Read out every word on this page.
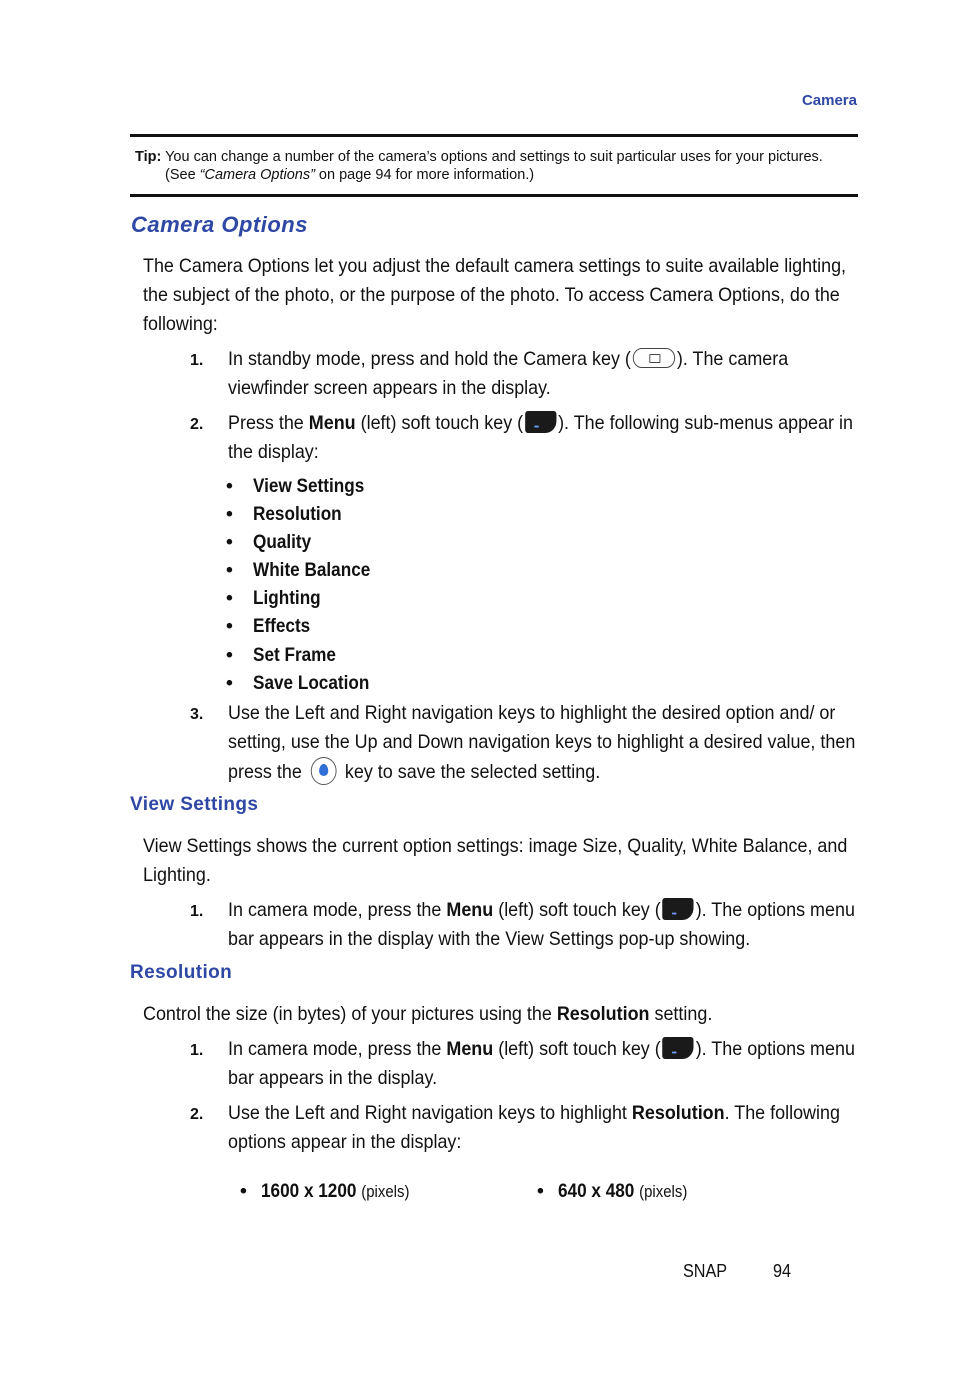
Camera
Tip: You can change a number of the camera’s options and settings to suit particular uses for your pictures.
(See “Camera Options” on page 94 for more information.)
Camera Options
The Camera Options let you adjust the default camera settings to suite available lighting, the subject of the photo, or the purpose of the photo. To access Camera Options, do the following:
1. In standby mode, press and hold the Camera key ( ). The camera viewfinder screen appears in the display.
2. Press the Menu (left) soft touch key ( ••• ). The following sub-menus appear in the display:
• View Settings
• Resolution
• Quality
• White Balance
• Lighting
• Effects
• Set Frame
• Save Location
3. Use the Left and Right navigation keys to highlight the desired option and/ or setting, use the Up and Down navigation keys to highlight a desired value, then press the  key to save the selected setting.
View Settings
View Settings shows the current option settings: image Size, Quality, White Balance, and Lighting.
1. In camera mode, press the Menu (left) soft touch key ( ••• ). The options menu bar appears in the display with the View Settings pop-up showing.
Resolution
Control the size (in bytes) of your pictures using the Resolution setting.
1. In camera mode, press the Menu (left) soft touch key ( ••• ). The options menu bar appears in the display.
2. Use the Left and Right navigation keys to highlight Resolution. The following options appear in the display:
• 1600 x 1200 (pixels)	• 640 x 480 (pixels)
SNAP	94
